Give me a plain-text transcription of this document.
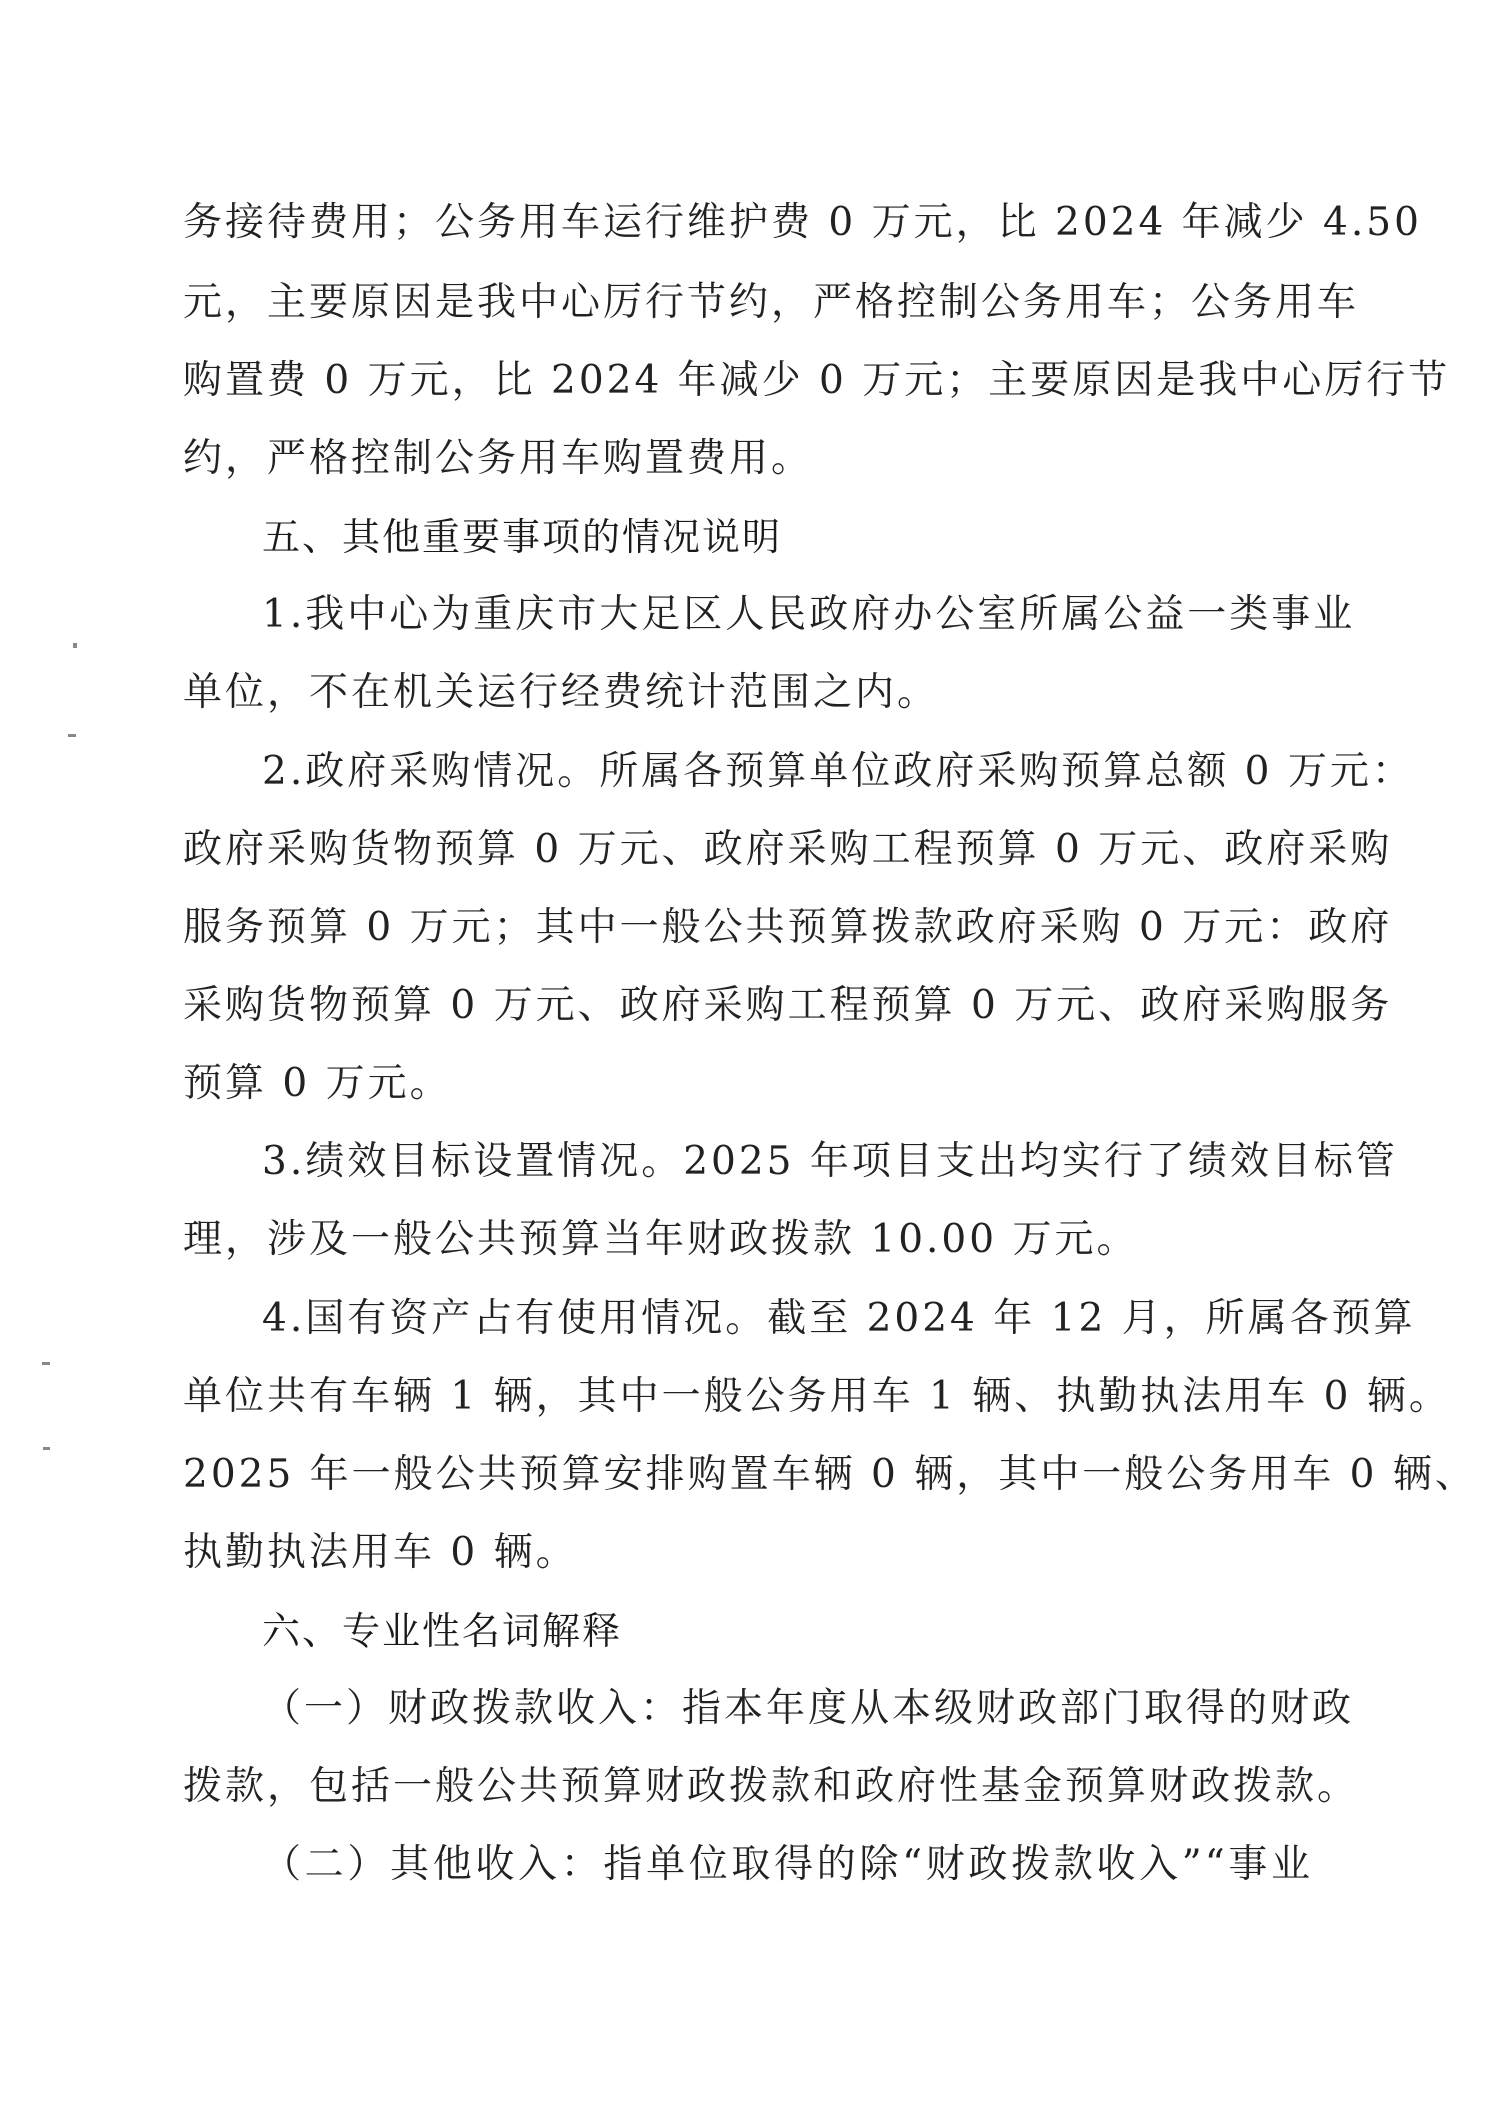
务接待费用；公务用车运行维护费 0 万元，比 2024 年减少 4.50
元，主要原因是我中心厉行节约，严格控制公务用车；公务用车
购置费 0 万元，比 2024 年减少 0 万元；主要原因是我中心厉行节
约，严格控制公务用车购置费用。
五、其他重要事项的情况说明
1.我中心为重庆市大足区人民政府办公室所属公益一类事业
单位，不在机关运行经费统计范围之内。
2.政府采购情况。所属各预算单位政府采购预算总额 0 万元：
政府采购货物预算 0 万元、政府采购工程预算 0 万元、政府采购
服务预算 0 万元；其中一般公共预算拨款政府采购 0 万元：政府
采购货物预算 0 万元、政府采购工程预算 0 万元、政府采购服务
预算 0 万元。
3.绩效目标设置情况。2025 年项目支出均实行了绩效目标管
理，涉及一般公共预算当年财政拨款 10.00 万元。
4.国有资产占有使用情况。截至 2024 年 12 月，所属各预算
单位共有车辆 1 辆，其中一般公务用车 1 辆、执勤执法用车 0 辆。
2025 年一般公共预算安排购置车辆 0 辆，其中一般公务用车 0 辆、
执勤执法用车 0 辆。
六、专业性名词解释
（一）财政拨款收入：指本年度从本级财政部门取得的财政
拨款，包括一般公共预算财政拨款和政府性基金预算财政拨款。
（二）其他收入：指单位取得的除“财政拨款收入”“事业
